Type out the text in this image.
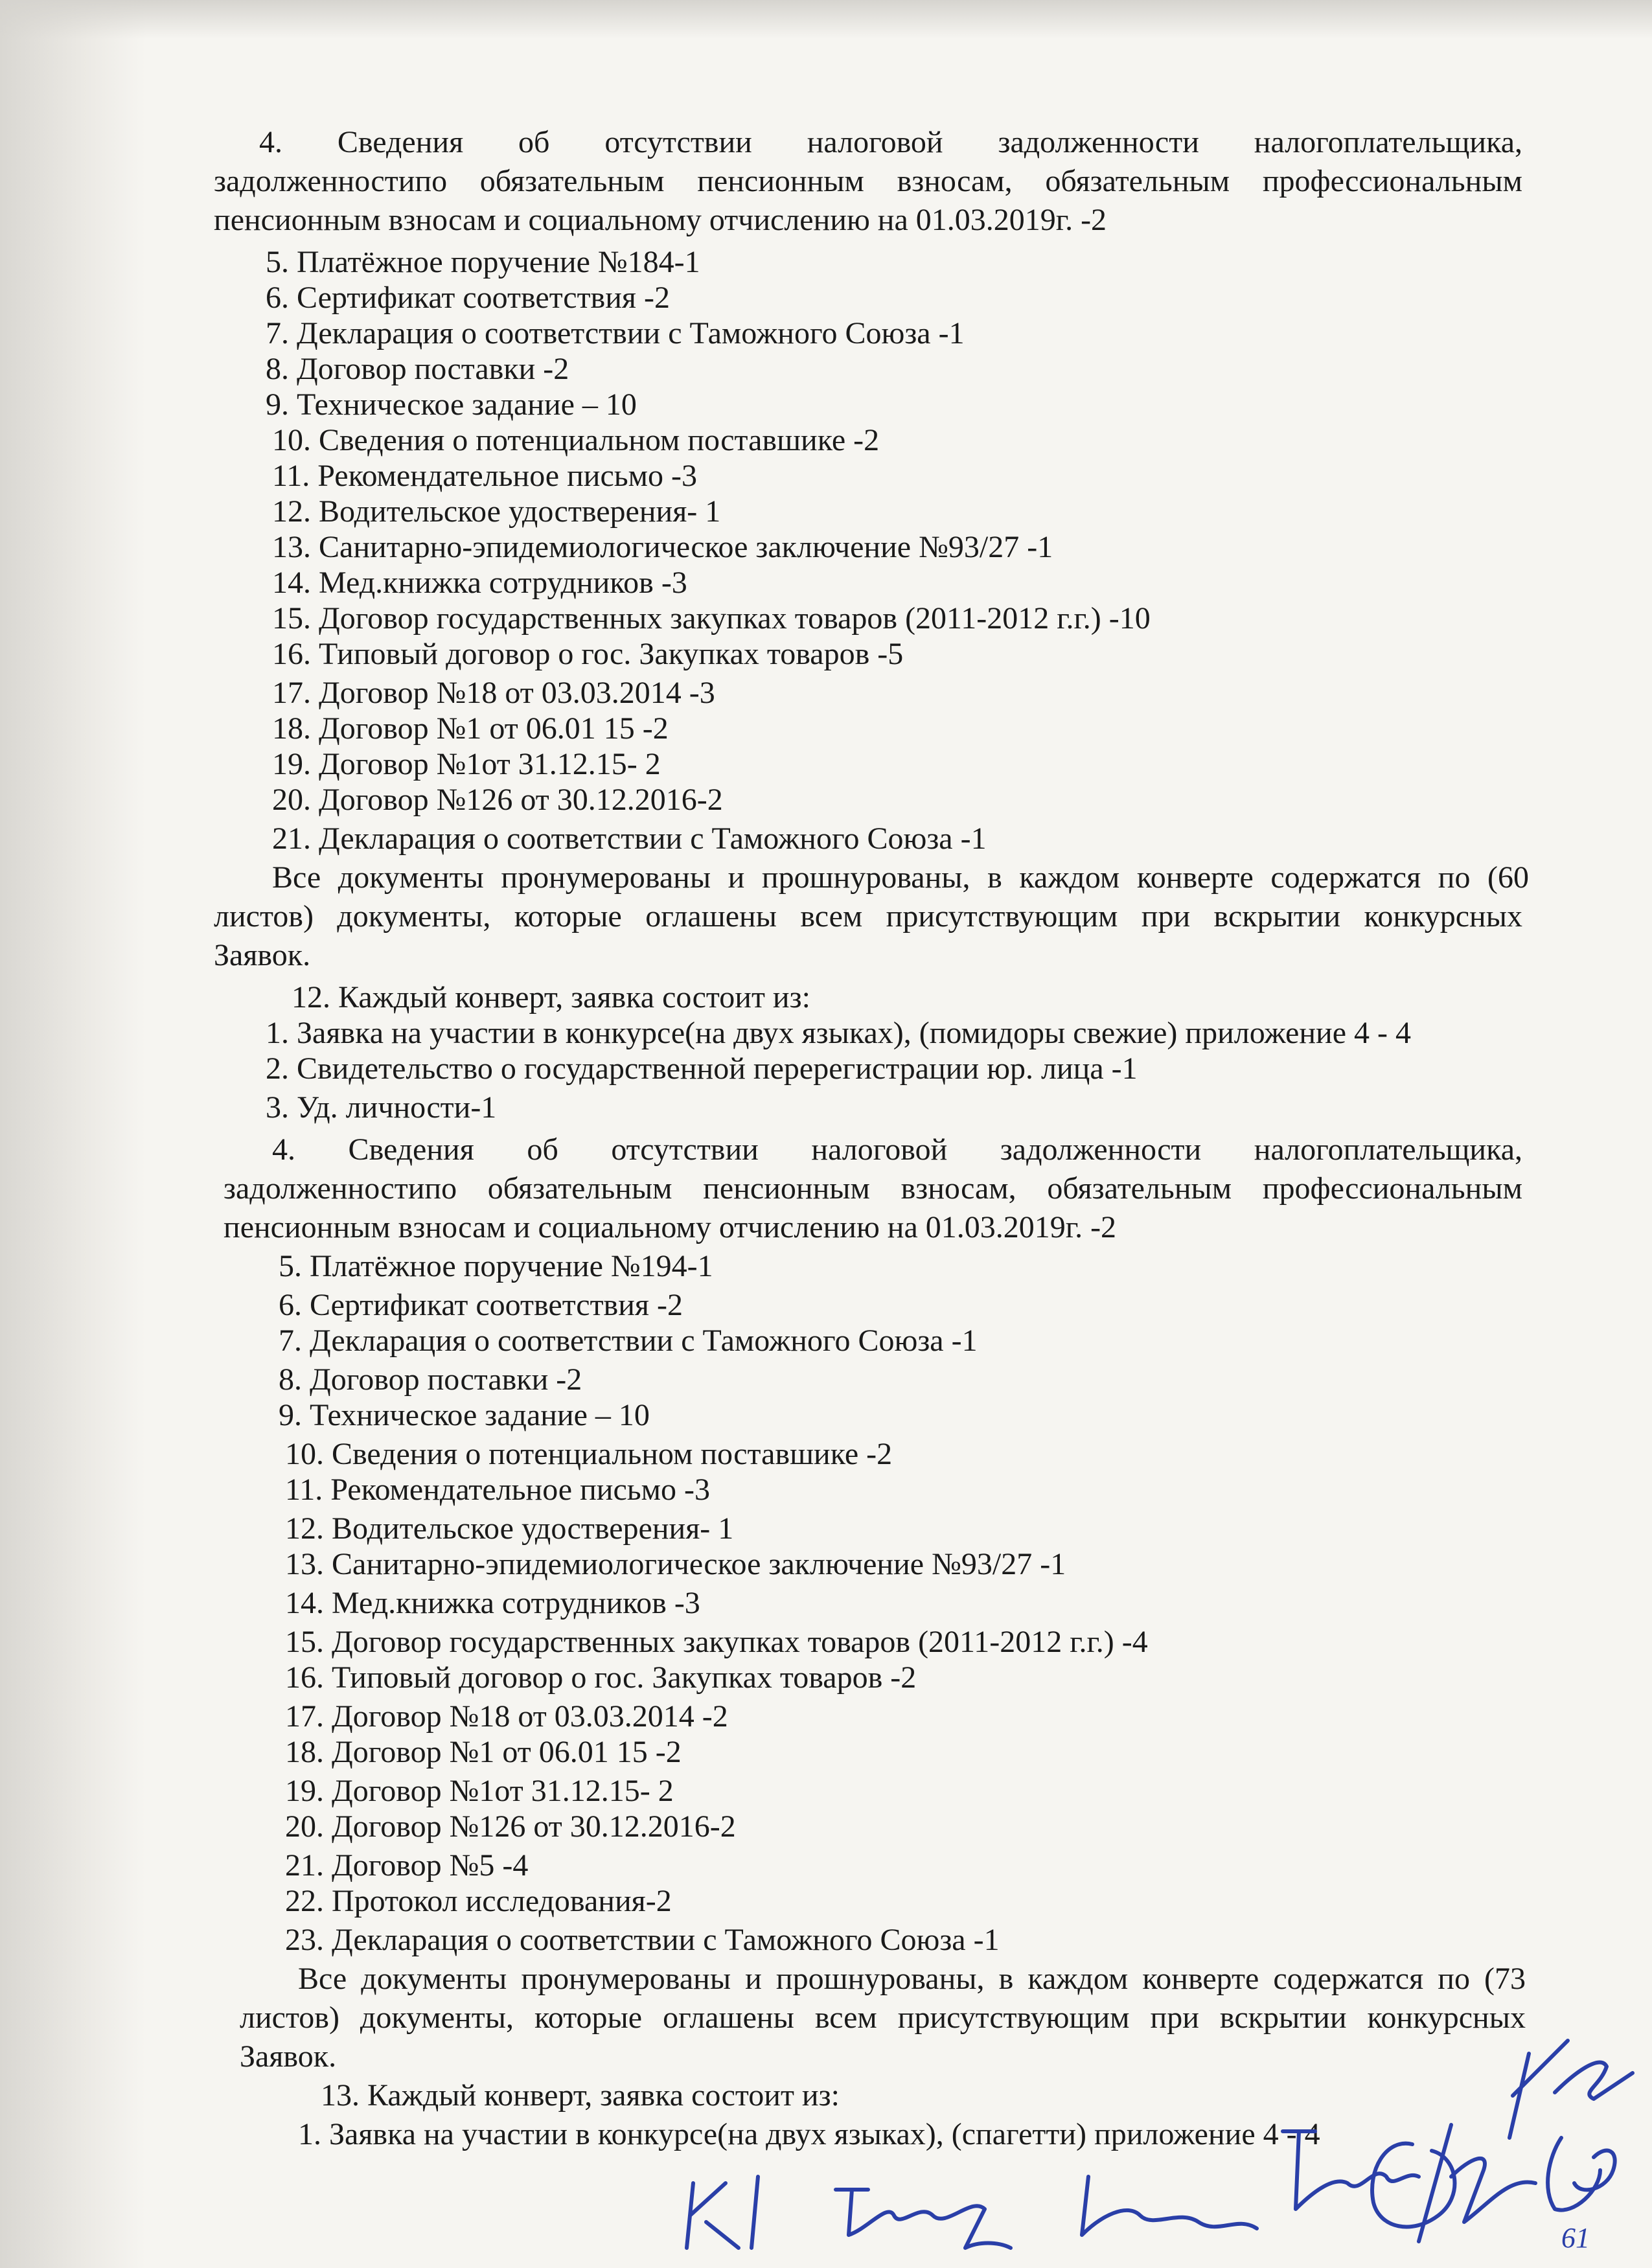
4. Сведения об отсутствии налоговой задолженности налогоплательщика,
задолженностипо обязательным пенсионным взносам, обязательным профессиональным
пенсионным взносам и социальному отчислению на 01.03.2019г. -2
5. Платёжное поручение №184-1
6. Сертификат соответствия -2
7. Декларация о соответствии с Таможного Союза -1
8. Договор поставки -2
9. Техническое задание – 10
10. Сведения о потенциальном поставшике -2
11. Рекомендательное письмо -3
12. Водительское удостверения- 1
13. Санитарно-эпидемиологическое заключение №93/27 -1
14. Мед.книжка сотрудников -3
15. Договор государственных закупках товаров (2011-2012 г.г.) -10
16. Типовый договор о гос. Закупках товаров -5
17. Договор №18 от 03.03.2014 -3
18. Договор №1 от 06.01 15 -2
19. Договор №1от 31.12.15- 2
20. Договор №126 от 30.12.2016-2
21. Декларация о соответствии с Таможного Союза -1
Все документы пронумерованы и прошнурованы, в каждом конверте содержатся по (60
листов) документы, которые оглашены всем присутствующим при вскрытии конкурсных
Заявок.
12. Каждый конверт, заявка состоит из:
1. Заявка на участии в конкурсе(на двух языках), (помидоры свежие) приложение 4 - 4
2. Свидетельство о государственной перерегистрации юр. лица -1
3. Уд. личности-1
4. Сведения об отсутствии налоговой задолженности налогоплательщика,
задолженностипо обязательным пенсионным взносам, обязательным профессиональным
пенсионным взносам и социальному отчислению на 01.03.2019г. -2
5. Платёжное поручение №194-1
6. Сертификат соответствия -2
7. Декларация о соответствии с Таможного Союза -1
8. Договор поставки -2
9. Техническое задание – 10
10. Сведения о потенциальном поставшике -2
11. Рекомендательное письмо -3
12. Водительское удостверения- 1
13. Санитарно-эпидемиологическое заключение №93/27 -1
14. Мед.книжка сотрудников -3
15. Договор государственных закупках товаров (2011-2012 г.г.) -4
16. Типовый договор о гос. Закупках товаров -2
17. Договор №18 от 03.03.2014 -2
18. Договор №1 от 06.01 15 -2
19. Договор №1от 31.12.15- 2
20. Договор №126 от 30.12.2016-2
21. Договор №5 -4
22. Протокол исследования-2
23. Декларация о соответствии с Таможного Союза -1
Все документы пронумерованы и прошнурованы, в каждом конверте содержатся по (73
листов) документы, которые оглашены всем присутствующим при вскрытии конкурсных
Заявок.
13. Каждый конверт, заявка состоит из:
1. Заявка на участии в конкурсе(на двух языках), (спагетти) приложение 4 - 4
61
